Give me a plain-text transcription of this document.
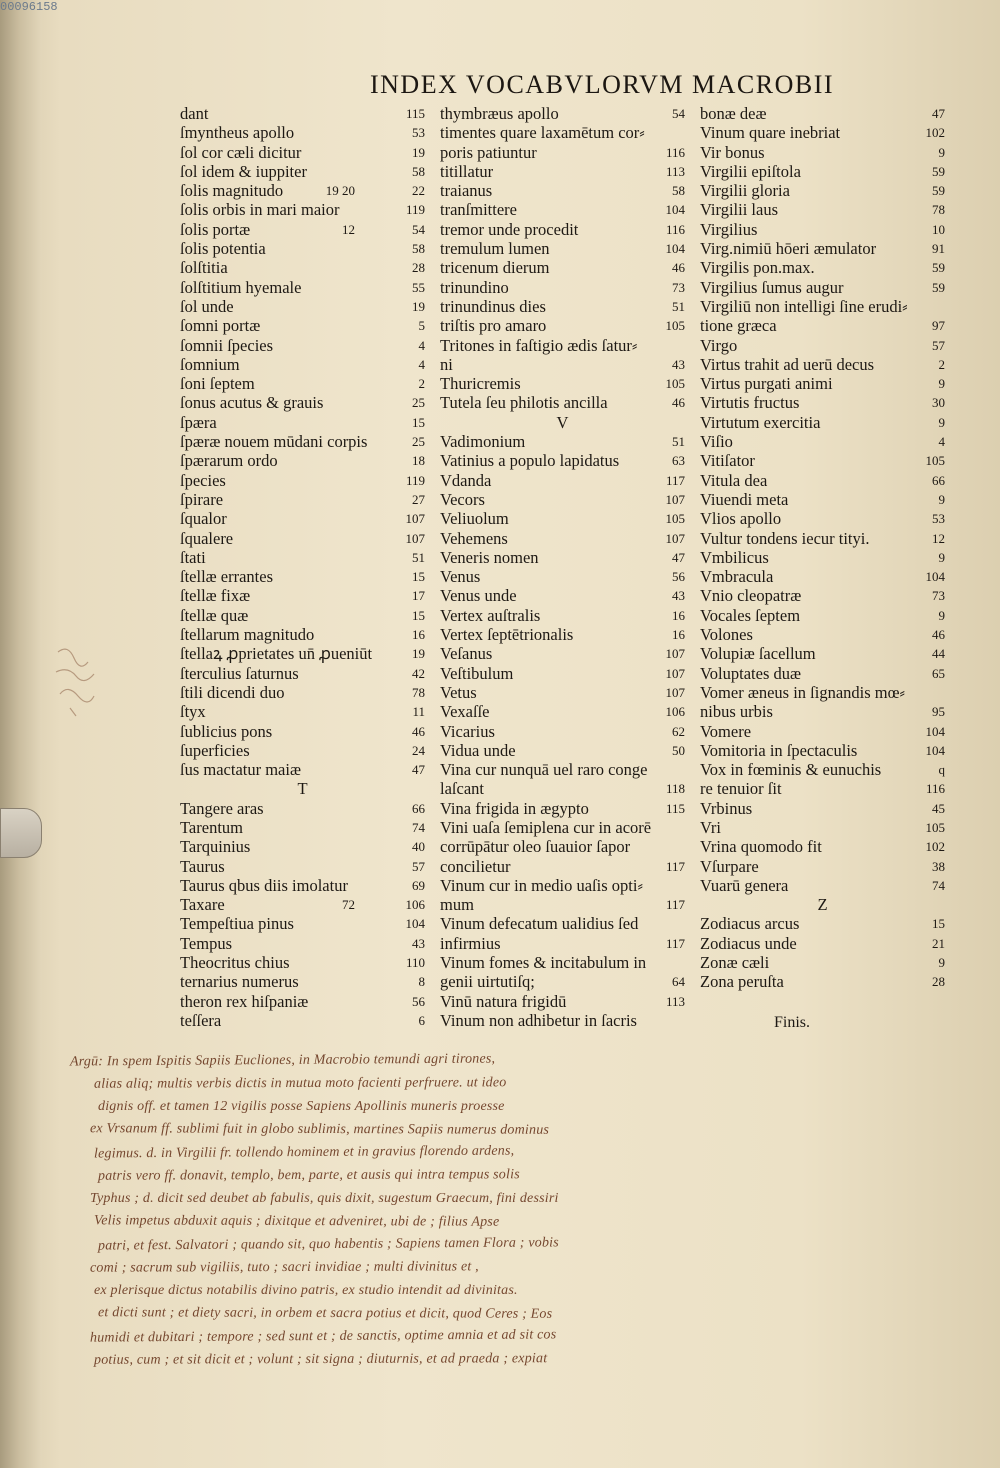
00096158
INDEX VOCABVLORVM MACROBII
dant	115
ſmyntheus apollo	53
ſol cor cæli dicitur	19
ſol idem & iuppiter	58
ſolis magnitudo	19 20	22
ſolis orbis in mari maior	119
ſolis portæ	12	54
ſolis potentia	58
ſolſtitia	28
ſolſtitium hyemale	55
ſol unde	19
ſomni portæ	5
ſomnii ſpecies	4
ſomnium	4
ſoni ſeptem	2
ſonus acutus & grauis	25
ſpæra	15
ſpæræ nouem mūdani corpis	25
ſpærarum ordo	18
ſpecies	119
ſpirare	27
ſqualor	107
ſqualere	107
ſtati	51
ſtellæ errantes	15
ſtellæ fixæ	17
ſtellæ quæ	15
ſtellarum magnitudo	16
ſtellaꝝ ꝓprietates un̄ ꝓueniūt	19
ſterculius ſaturnus	42
ſtili dicendi duo	78
ſtyx	11
ſublicius pons	46
ſuperficies	24
ſus mactatur maiæ	47
T
Tangere aras	66
Tarentum	74
Tarquinius	40
Taurus	57
Taurus qbus diis imolatur	69
Taxare	72	106
Tempeſtiua pinus	104
Tempus	43
Theocritus chius	110
ternarius numerus	8
theron rex hiſpaniæ	56
teſſera	6
thymbræus apollo	54
timentes quare laxamētum cor⸗
poris patiuntur	116
titillatur	113
traianus	58
tranſmittere	104
tremor unde procedit	116
tremulum lumen	104
tricenum dierum	46
trinundino	73
trinundinus dies	51
triſtis pro amaro	105
Tritones in faſtigio ædis ſatur⸗
ni	43
Thuricremis	105
Tutela ſeu philotis ancilla	46
V
Vadimonium	51
Vatinius a populo lapidatus	63
Vdanda	117
Vecors	107
Veliuolum	105
Vehemens	107
Veneris nomen	47
Venus	56
Venus unde	43
Vertex auſtralis	16
Vertex ſeptētrionalis	16
Veſanus	107
Veſtibulum	107
Vetus	107
Vexaſſe	106
Vicarius	62
Vidua unde	50
Vina cur nunquā uel raro conge
laſcant	118
Vina frigida in ægypto	115
Vini uaſa ſemiplena cur in acorē
corrūpātur oleo ſuauior ſapor
concilietur	117
Vinum cur in medio uaſis opti⸗
mum	117
Vinum defecatum ualidius ſed
infirmius	117
Vinum fomes & incitabulum in
genii uirtutiſq;	64
Vinū natura frigidū	113
Vinum non adhibetur in ſacris
bonæ deæ	47
Vinum quare inebriat	102
Vir bonus	9
Virgilii epiſtola	59
Virgilii gloria	59
Virgilii laus	78
Virgilius	10
Virg.nimiū hōeri æmulator	91
Virgilis pon.max.	59
Virgilius ſumus augur	59
Virgiliū non intelligi ſine erudi⸗
tione græca	97
Virgo	57
Virtus trahit ad uerū decus	2
Virtus purgati animi	9
Virtutis fructus	30
Virtutum exercitia	9
Viſio	4
Vitiſator	105
Vitula dea	66
Viuendi meta	9
Vlios apollo	53
Vultur tondens iecur tityi.	12
Vmbilicus	9
Vmbracula	104
Vnio cleopatræ	73
Vocales ſeptem	9
Volones	46
Volupiæ ſacellum	44
Voluptates duæ	65
Vomer æneus in ſignandis mœ⸗
nibus urbis	95
Vomere	104
Vomitoria in ſpectaculis	104
Vox in fœminis & eunuchis	q
re tenuior ſit	116
Vrbinus	45
Vri	105
Vrina quomodo fit	102
Vſurpare	38
Vuarū genera	74
Z
Zodiacus arcus	15
Zodiacus unde	21
Zonæ cæli	9
Zona peruſta	28
Finis.
Argū: In spem Ispitis Sapiis Eucliones, in Macrobio temundi agri tirones,
alias aliq; multis verbis dictis in mutua moto facienti perfruere. ut ideo
dignis off. et tamen 12 vigilis posse Sapiens Apollinis muneris proesse
ex Vrsanum ff. sublimi fuit in globo sublimis, martines Sapiis numerus dominus
legimus. d. in Virgilii fr. tollendo hominem et in gravius florendo ardens,
patris vero ff. donavit, templo, bem, parte, et ausis qui intra tempus solis
Typhus ; d. dicit sed deubet ab fabulis, quis dixit, sugestum Graecum, fini dessiri
Velis impetus abduxit aquis ; dixitque et adveniret, ubi de ; filius Apse
patri, et fest. Salvatori ; quando sit, quo habentis ; Sapiens tamen Flora ; vobis
comi ; sacrum sub vigiliis, tuto ; sacri invidiae ; multi divinitus et ,
ex plerisque dictus notabilis divino patris, ex studio intendit ad divinitas.
et dicti sunt ; et diety sacri, in orbem et sacra potius et dicit, quod Ceres ; Eos
humidi et dubitari ; tempore ; sed sunt et ; de sanctis, optime amnia et ad sit cos
potius, cum ; et sit dicit et ; volunt ; sit signa ; diuturnis, et ad praeda ; expiat
